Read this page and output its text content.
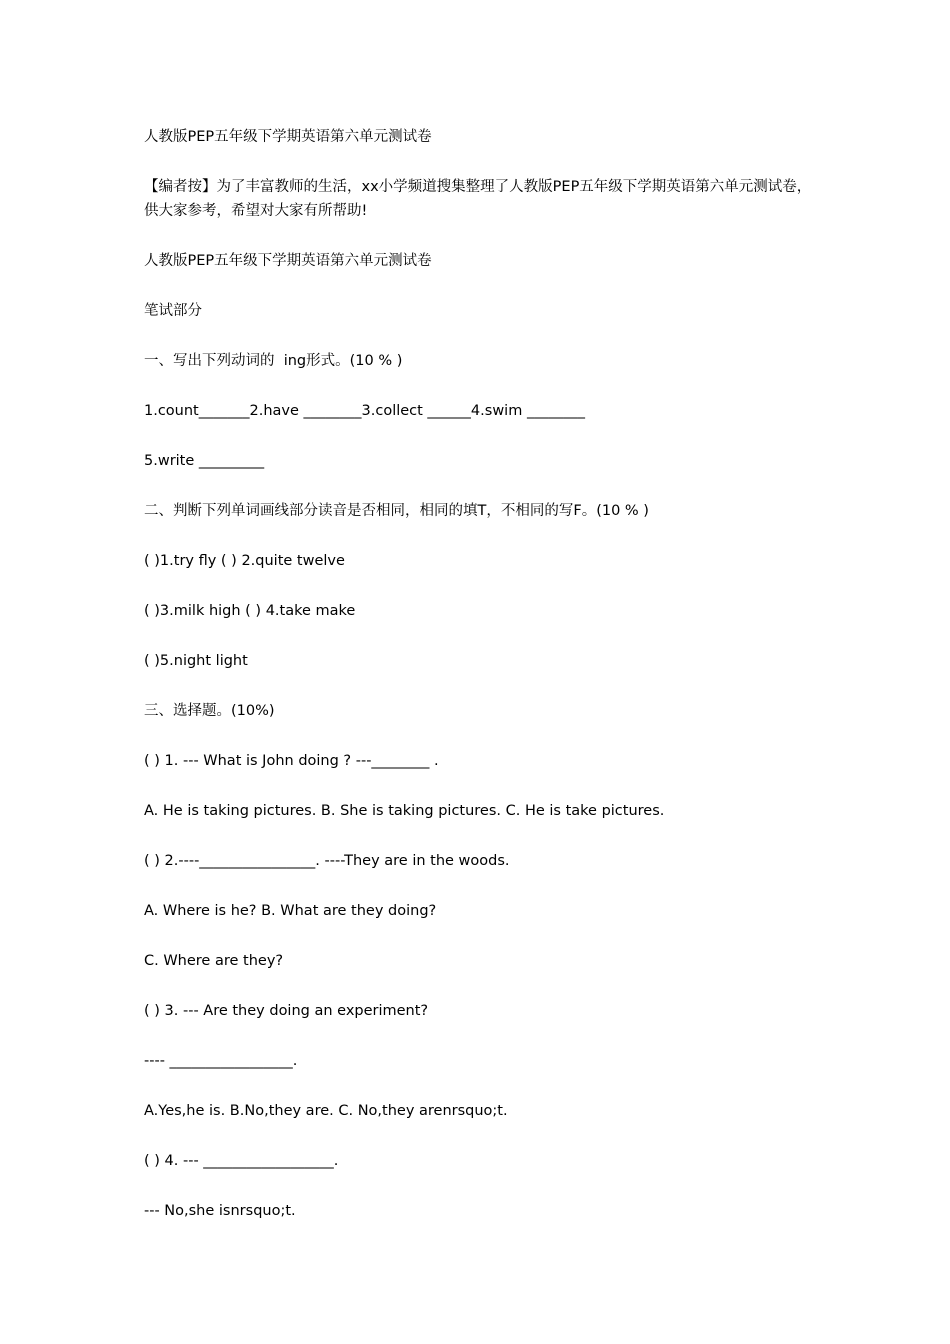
人教版PEP五年级下学期英语第六单元测试卷

【编者按】为了丰富教师的生活，xx小学频道搜集整理了人教版PEP五年级下学期英语第六单元测试卷，供大家参考，希望对大家有所帮助!

人教版PEP五年级下学期英语第六单元测试卷

笔试部分

一、写出下列动词的  ing形式。(10 % )

1.count_______2.have ________3.collect ______4.swim ________

5.write _________

二、判断下列单词画线部分读音是否相同，相同的填T，不相同的写F。(10 % )

( )1.try fly ( ) 2.quite twelve

( )3.milk high ( ) 4.take make

( )5.night light

三、选择题。(10%)

( ) 1. --- What is John doing ? ---________ .

A. He is taking pictures. B. She is taking pictures. C. He is take pictures.

( ) 2.----________________. ----They are in the woods.

A. Where is he? B. What are they doing?

C. Where are they?

( ) 3. --- Are they doing an experiment?

---- _________________.

A.Yes,he is. B.No,they are. C. No,they arenrsquo;t.

( ) 4. --- __________________.

--- No,she isnrsquo;t.
